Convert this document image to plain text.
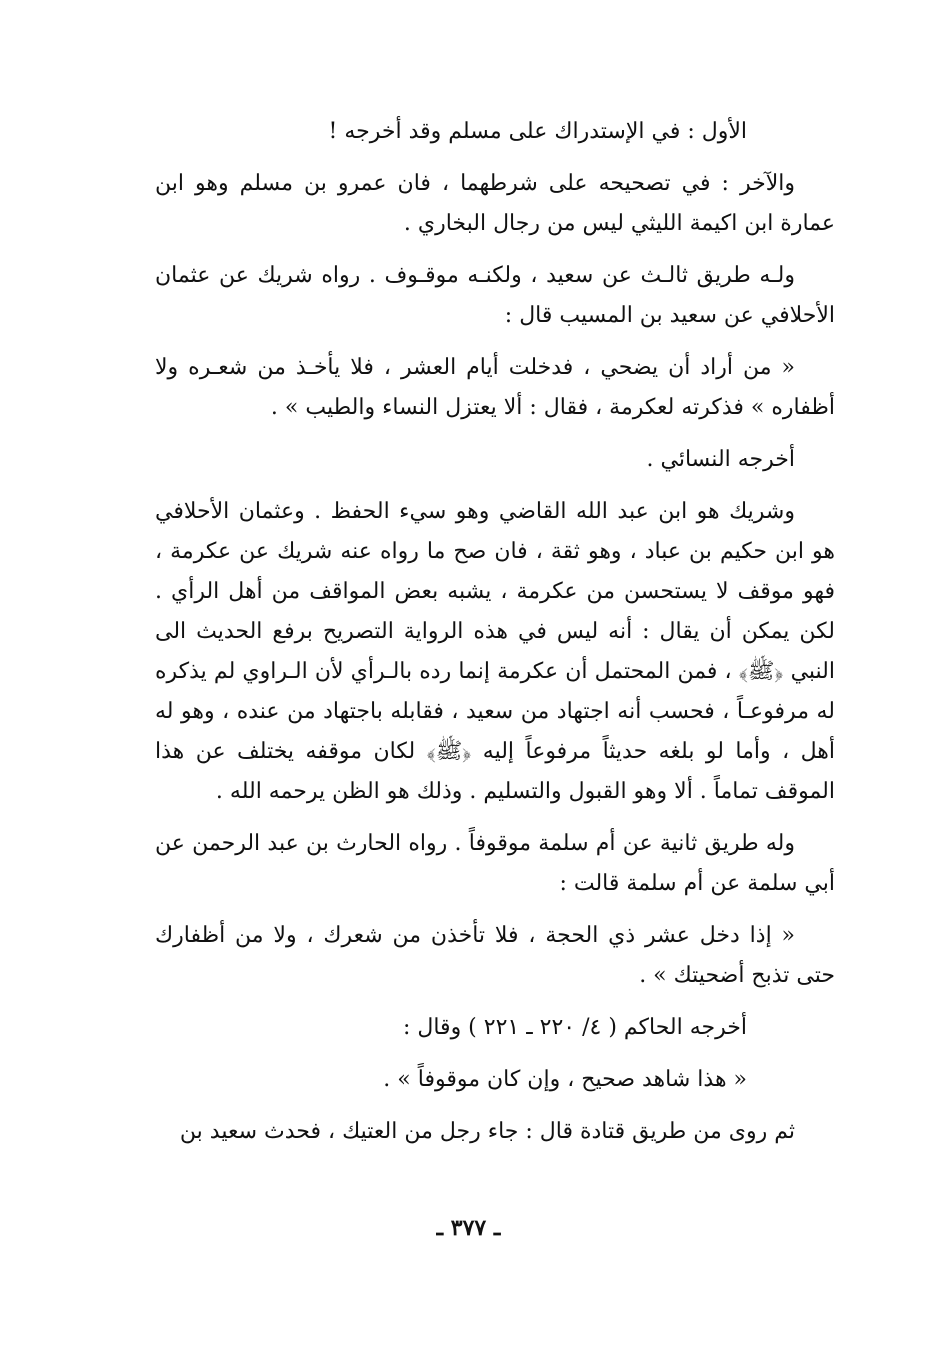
الأول : في الإستدراك على مسلم وقد أخرجه !

والآخر : في تصحيحه على شرطهما ، فان عمرو بن مسلم وهو ابن عمارة ابن اكيمة الليثي ليس من رجال البخاري .

ولـه طريق ثالـث عن سعيد ، ولكنـه موقـوف . رواه شريك عن عثمان الأحلافي عن سعيد بن المسيب قال :

« من أراد أن يضحي ، فدخلت أيام العشر ، فلا يأخـذ من شعـره ولا أظفاره » فذكرته لعكرمة ، فقال : ألا يعتزل النساء والطيب » .

أخرجه النسائي .

وشريك هو ابن عبد الله القاضي وهو سيء الحفظ . وعثمان الأحلافي هو ابن حكيم بن عباد ، وهو ثقة ، فان صح ما رواه عنه شريك عن عكرمة ، فهو موقف لا يستحسن من عكرمة ، يشبه بعض المواقف من أهل الرأي . لكن يمكن أن يقال : أنه ليس في هذه الرواية التصريح برفع الحديث الى النبي ﴿ﷺ﴾ ، فمن المحتمل أن عكرمة إنما رده بالـرأي لأن الـراوي لم يذكره له مرفوعـاً ، فحسب أنه اجتهاد من سعيد ، فقابله باجتهاد من عنده ، وهو له أهل ، وأما لو بلغه حديثاً مرفوعاً إليه ﴿ﷺ﴾ لكان موقفه يختلف عن هذا الموقف تماماً . ألا وهو القبول والتسليم . وذلك هو الظن يرحمه الله .

وله طريق ثانية عن أم سلمة موقوفاً . رواه الحارث بن عبد الرحمن عن أبي سلمة عن أم سلمة قالت :

« إذا دخل عشر ذي الحجة ، فلا تأخذن من شعرك ، ولا من أظفارك حتى تذبح أضحيتك » .

أخرجه الحاكم ( ٤/ ٢٢٠ ـ ٢٢١ ) وقال :

« هذا شاهد صحيح ، وإن كان موقوفاً » .

ثم روى من طريق قتادة قال : جاء رجل من العتيك ، فحدث سعيد بن

ـ ٣٧٧ ـ
